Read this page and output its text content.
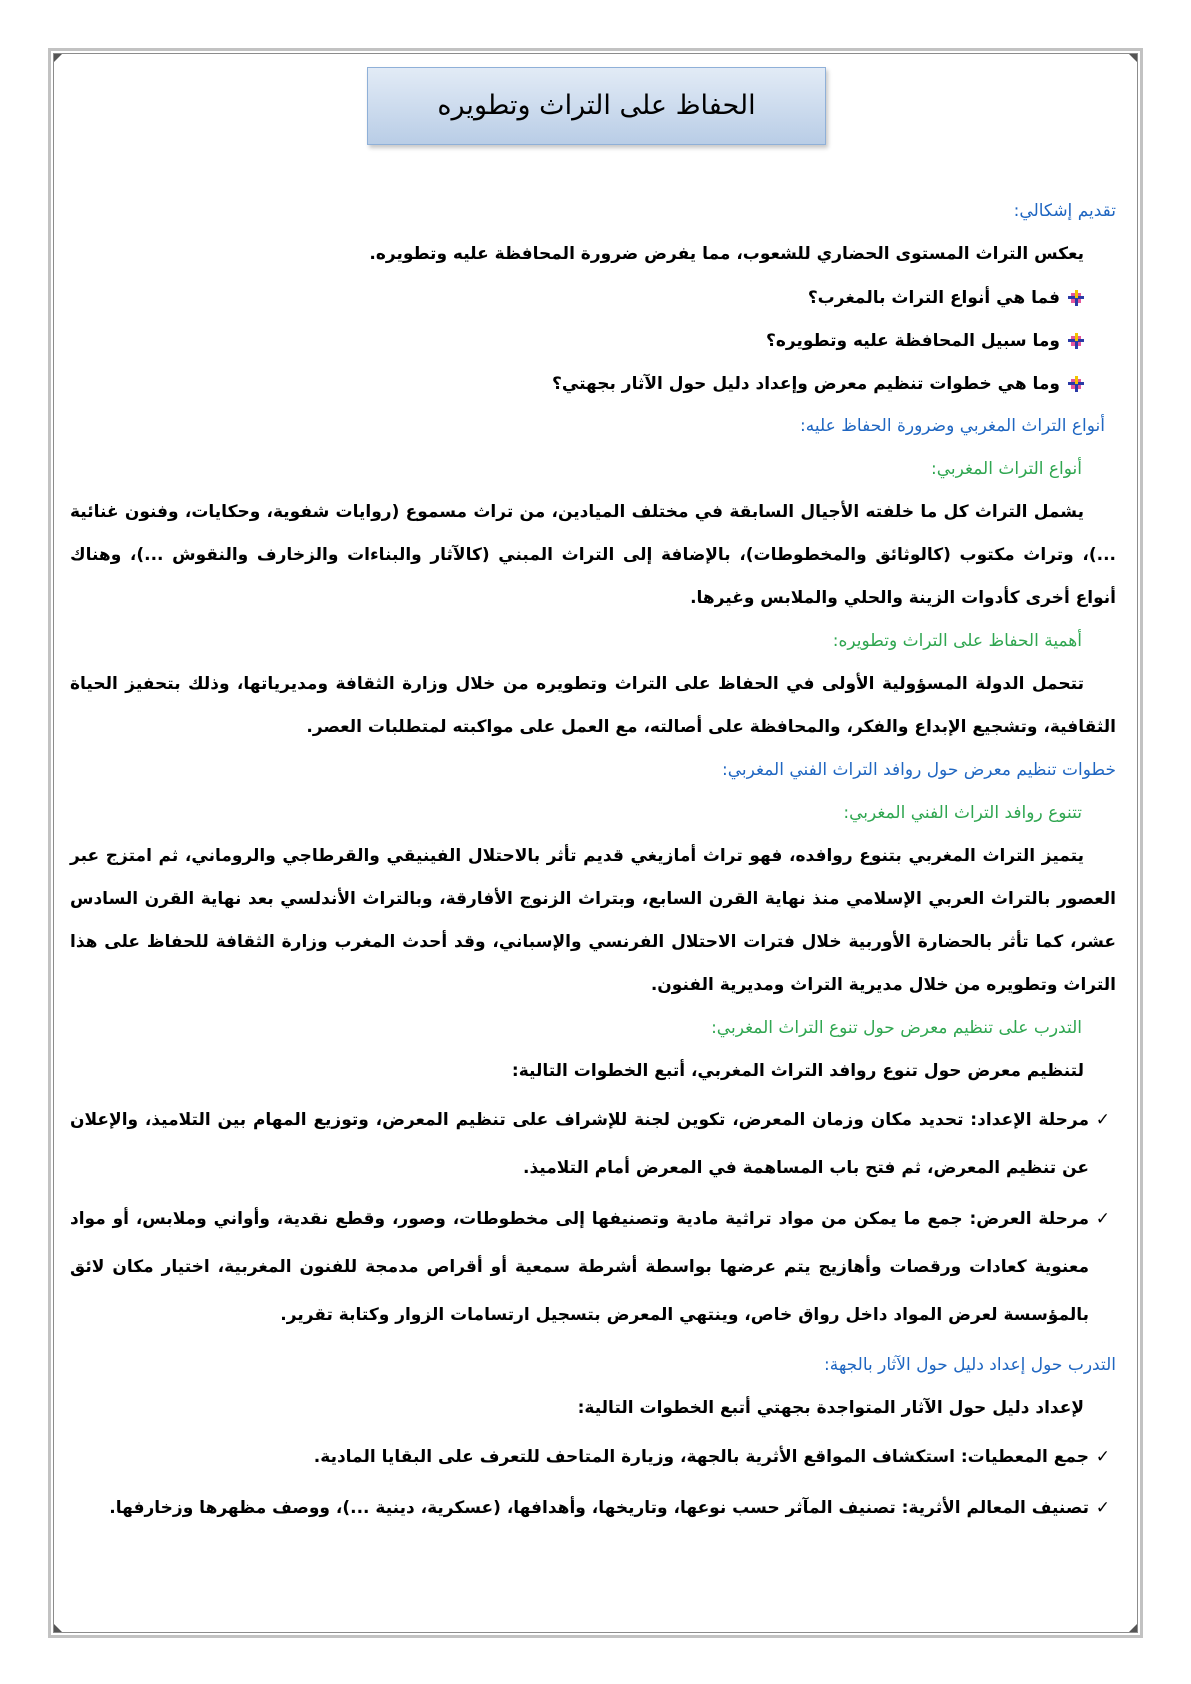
الحفاظ على التراث وتطويره
تقديم إشكالي:

يعكس التراث المستوى الحضاري للشعوب، مما يفرض ضرورة المحافظة عليه وتطويره.

فما هي أنواع التراث بالمغرب؟
وما سبيل المحافظة عليه وتطويره؟
وما هي خطوات تنظيم معرض وإعداد دليل حول الآثار بجهتي؟
أنواع التراث المغربي وضرورة الحفاظ عليه:
أنواع التراث المغربي:

يشمل التراث كل ما خلفته الأجيال السابقة في مختلف الميادين، من تراث مسموع (روايات شفوية، وحكايات، وفنون غنائية ...)، وتراث مكتوب (كالوثائق والمخطوطات)، بالإضافة إلى التراث المبني (كالآثار والبناءات والزخارف والنقوش ...)، وهناك أنواع أخرى كأدوات الزينة والحلي والملابس وغيرها.

أهمية الحفاظ على التراث وتطويره:

تتحمل الدولة المسؤولية الأولى في الحفاظ على التراث وتطويره من خلال وزارة الثقافة ومديرياتها، وذلك بتحفيز الحياة الثقافية، وتشجيع الإبداع والفكر، والمحافظة على أصالته، مع العمل على مواكبته لمتطلبات العصر.

خطوات تنظيم معرض حول روافد التراث الفني المغربي:
تتنوع روافد التراث الفني المغربي:

يتميز التراث المغربي بتنوع روافده، فهو تراث أمازيغي قديم تأثر بالاحتلال الفينيقي والقرطاجي والروماني، ثم امتزج عبر العصور بالتراث العربي الإسلامي منذ نهاية القرن السابع، وبتراث الزنوج الأفارقة، وبالتراث الأندلسي بعد نهاية القرن السادس عشر، كما تأثر بالحضارة الأوربية خلال فترات الاحتلال الفرنسي والإسباني، وقد أحدث المغرب وزارة الثقافة للحفاظ على هذا التراث وتطويره من خلال مديرية التراث ومديرية الفنون.

التدرب على تنظيم معرض حول تنوع التراث المغربي:

لتنظيم معرض حول تنوع روافد التراث المغربي، أتبع الخطوات التالية:

✓
مرحلة الإعداد: تحديد مكان وزمان المعرض، تكوين لجنة للإشراف على تنظيم المعرض، وتوزيع المهام بين التلاميذ، والإعلان عن تنظيم المعرض، ثم فتح باب المساهمة في المعرض أمام التلاميذ.
✓
مرحلة العرض: جمع ما يمكن من مواد تراثية مادية وتصنيفها إلى مخطوطات، وصور، وقطع نقدية، وأواني وملابس، أو مواد معنوية كعادات ورقصات وأهازيج يتم عرضها بواسطة أشرطة سمعية أو أقراص مدمجة للفنون المغربية، اختيار مكان لائق بالمؤسسة لعرض المواد داخل رواق خاص، وينتهي المعرض بتسجيل ارتسامات الزوار وكتابة تقرير.
التدرب حول إعداد دليل حول الآثار بالجهة:

لإعداد دليل حول الآثار المتواجدة بجهتي أتبع الخطوات التالية:

✓
جمع المعطيات: استكشاف المواقع الأثرية بالجهة، وزيارة المتاحف للتعرف على البقايا المادية.
✓
تصنيف المعالم الأثرية: تصنيف المآثر حسب نوعها، وتاريخها، وأهدافها، (عسكرية، دينية ...)، ووصف مظهرها وزخارفها.
